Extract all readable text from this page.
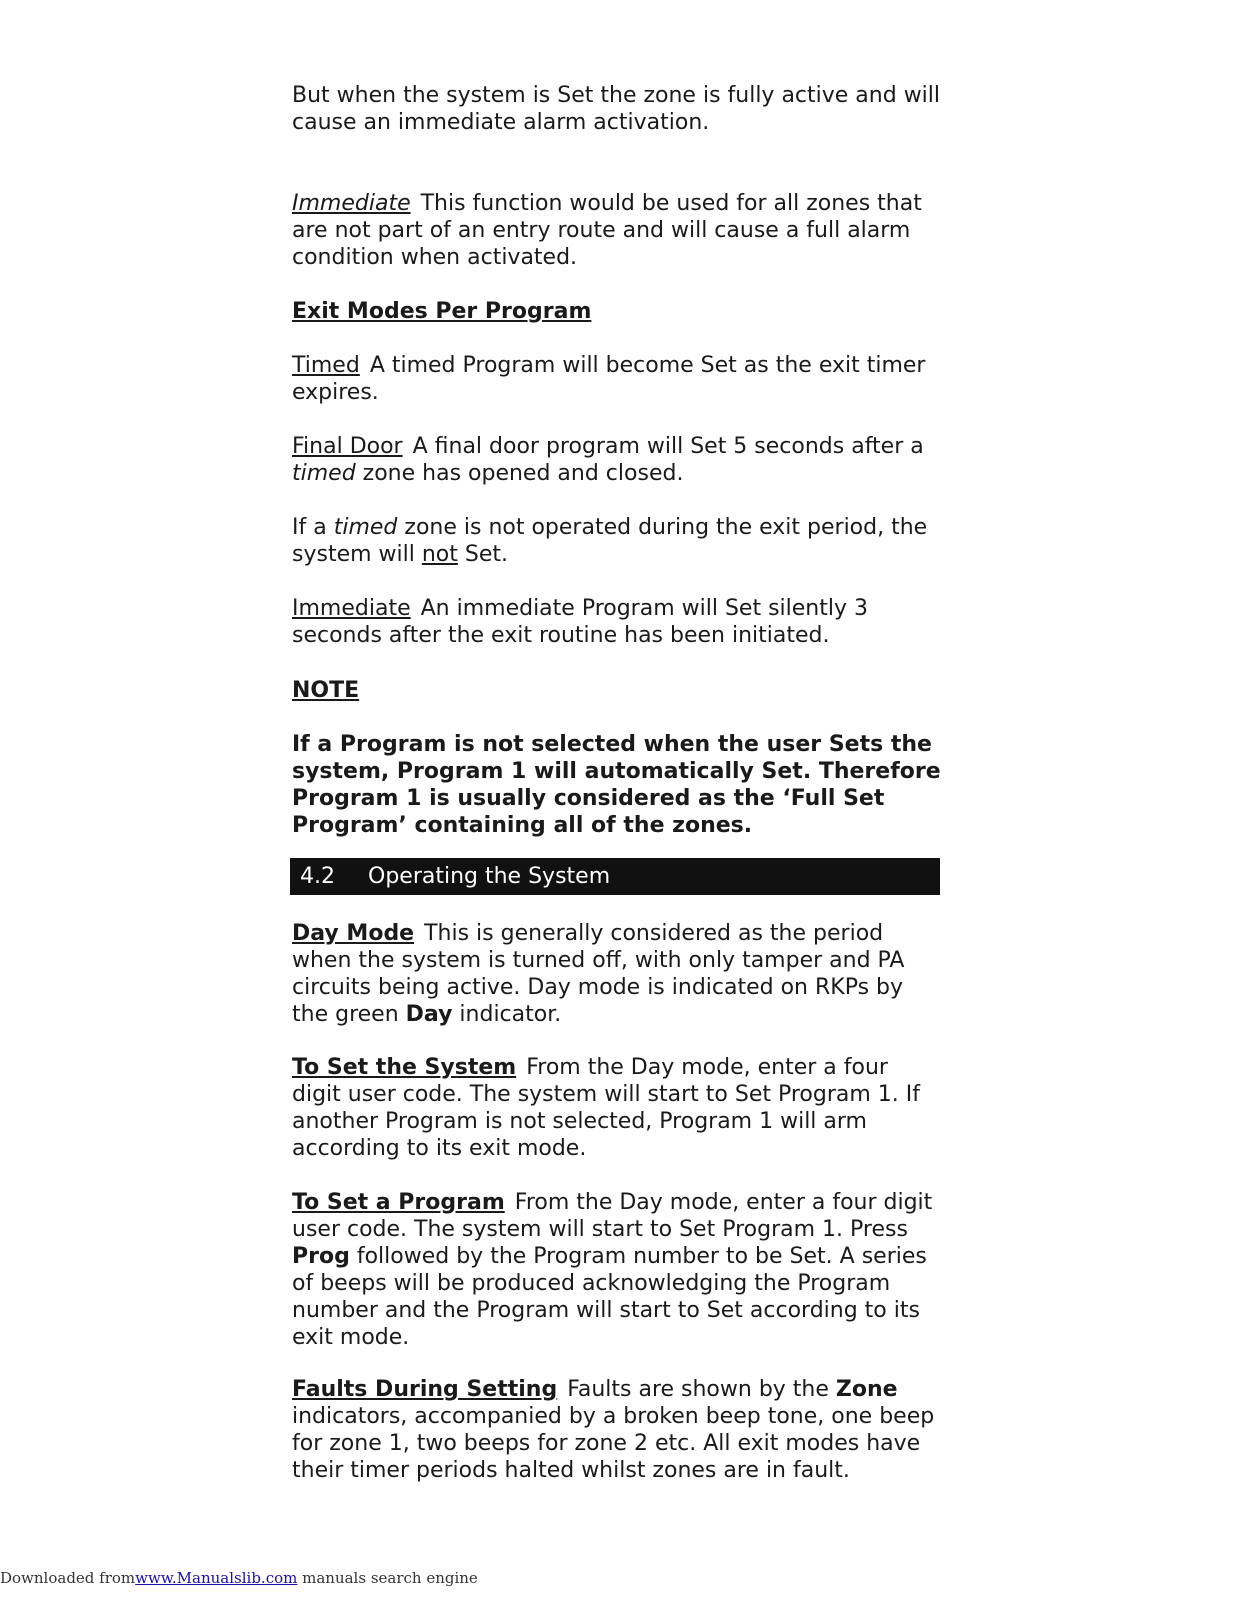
But when the system is Set the zone is fully active and will cause an immediate alarm activation.

Immediate This function would be used for all zones that are not part of an entry route and will cause a full alarm condition when activated.

Exit Modes Per Program

Timed A timed Program will become Set as the exit timer expires.

Final Door A final door program will Set 5 seconds after a timed zone has opened and closed.

If a timed zone is not operated during the exit period, the system will not Set.

Immediate An immediate Program will Set silently 3 seconds after the exit routine has been initiated.

NOTE

If a Program is not selected when the user Sets the system, Program 1 will automatically Set. Therefore Program 1 is usually considered as the ‘Full Set Program’ containing all of the zones.

4.2 Operating the System

Day Mode This is generally considered as the period when the system is turned off, with only tamper and PA circuits being active. Day mode is indicated on RKPs by the green Day indicator.

To Set the System From the Day mode, enter a four digit user code. The system will start to Set Program 1. If another Program is not selected, Program 1 will arm according to its exit mode.

To Set a Program From the Day mode, enter a four digit user code. The system will start to Set Program 1. Press Prog followed by the Program number to be Set. A series of beeps will be produced acknowledging the Program number and the Program will start to Set according to its exit mode.

Faults During Setting Faults are shown by the Zone indicators, accompanied by a broken beep tone, one beep for zone 1, two beeps for zone 2 etc. All exit modes have their timer periods halted whilst zones are in fault.

Downloaded fromwww.Manualslib.com manuals search engine
